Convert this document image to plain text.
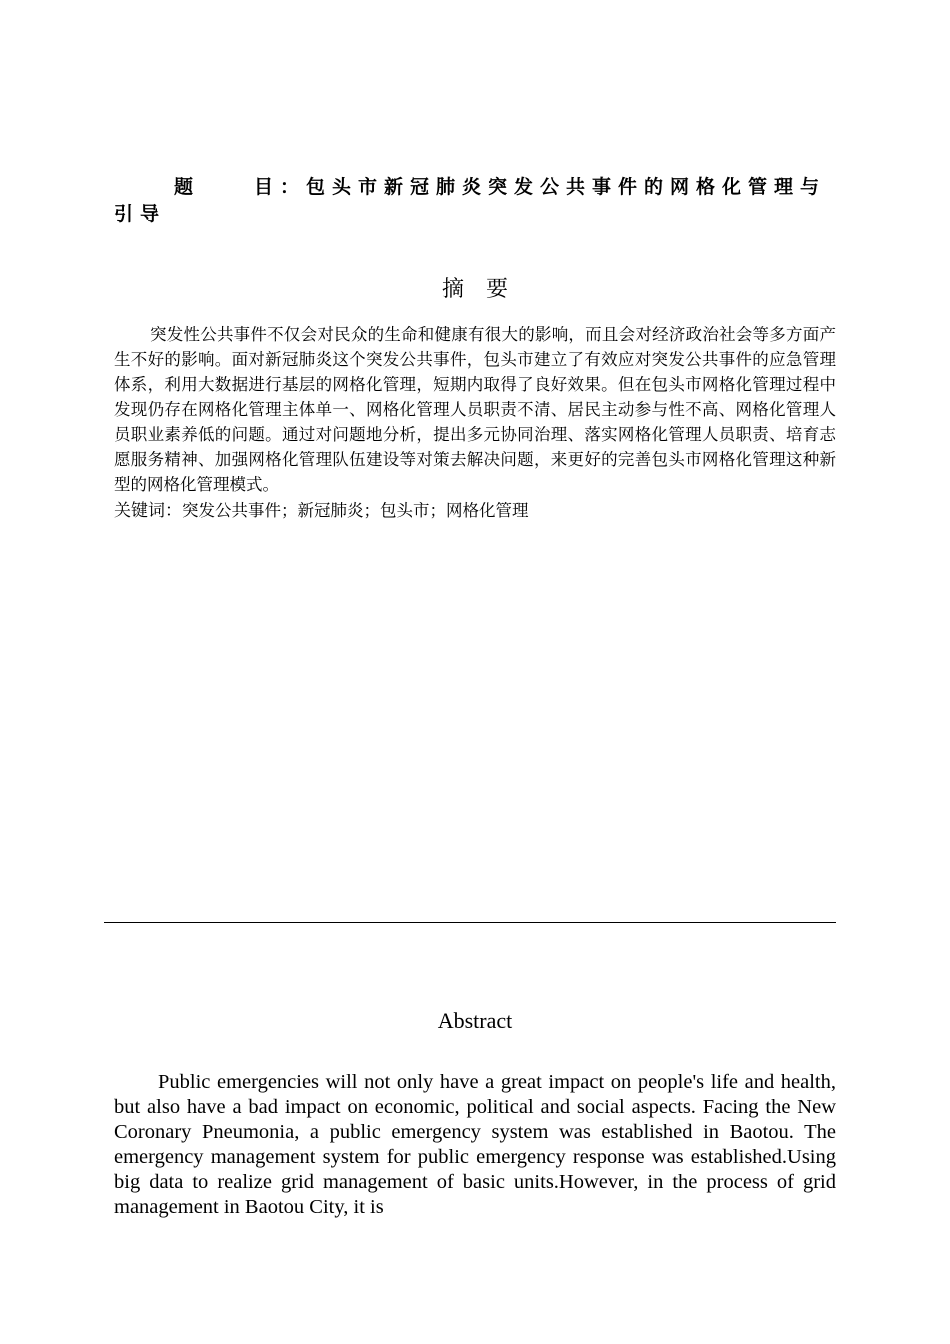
题	目：包头市新冠肺炎突发公共事件的网格化管理与引导
摘要
突发性公共事件不仅会对民众的生命和健康有很大的影响，而且会对经济政治社会等多方面产生不好的影响。面对新冠肺炎这个突发公共事件，包头市建立了有效应对突发公共事件的应急管理体系，利用大数据进行基层的网格化管理，短期内取得了良好效果。但在包头市网格化管理过程中发现仍存在网格化管理主体单一、网格化管理人员职责不清、居民主动参与性不高、网格化管理人员职业素养低的问题。通过对问题地分析，提出多元协同治理、落实网格化管理人员职责、培育志愿服务精神、加强网格化管理队伍建设等对策去解决问题，来更好的完善包头市网格化管理这种新型的网格化管理模式。
关键词：突发公共事件；新冠肺炎；包头市；网格化管理
Abstract
Public emergencies will not only have a great impact on people's life and health, but also have a bad impact on economic, political and social aspects. Facing the New Coronary Pneumonia, a public emergency system was established in Baotou. The emergency management system for public emergency response was established.Using big data to realize grid management of basic units.However, in the process of grid management in Baotou City, it is
